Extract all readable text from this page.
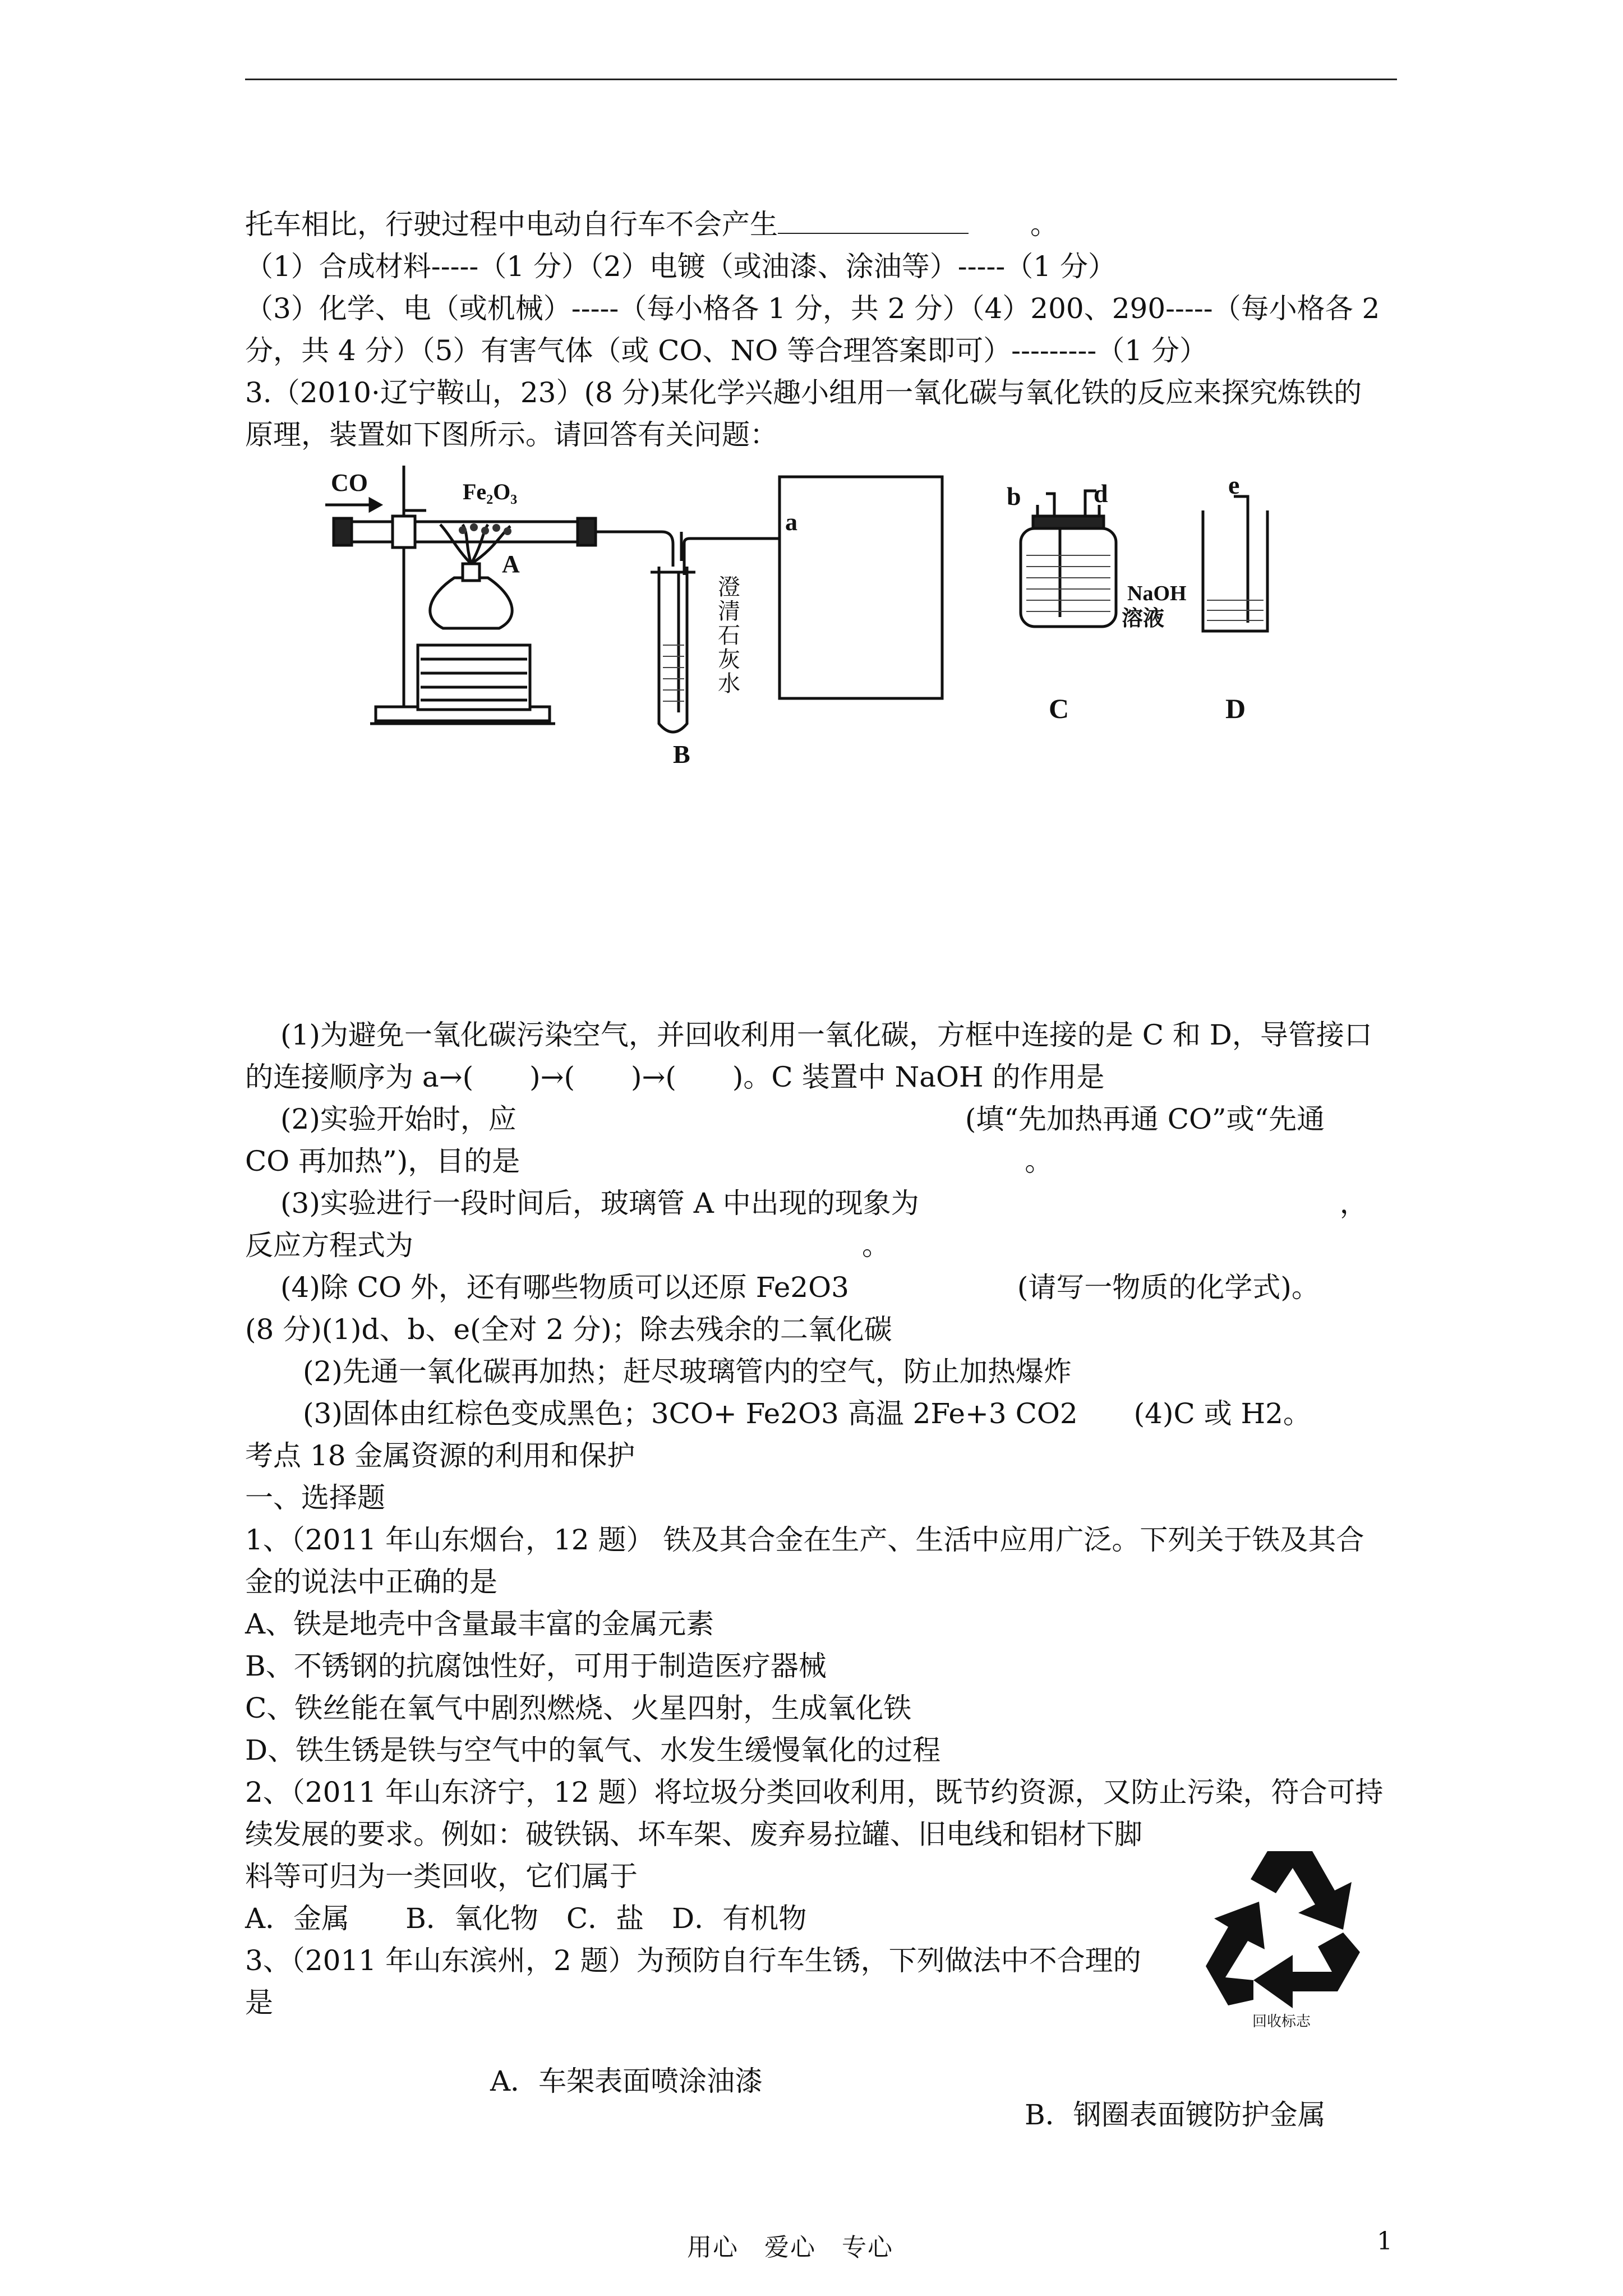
托车相比，行驶过程中电动自行车不会产生	。
（1）合成材料-----（1 分）（2）电镀（或油漆、涂油等）-----（1 分）
（3）化学、电（或机械）-----（每小格各 1 分，共 2 分）（4）200、290-----（每小格各 2
分，共 4 分）（5）有害气体（或 CO、NO 等合理答案即可）---------（1 分）
3.（2010·辽宁鞍山，23）(8 分)某化学兴趣小组用一氧化碳与氧化铁的反应来探究炼铁的
原理，装置如下图所示。请回答有关问题：
CO	Fe₂O₃
A
B
a
b	d
NaOH
溶液
C
e
D
澄
清
石
灰
水
(1)为避免一氧化碳污染空气，并回收利用一氧化碳，方框中连接的是 C 和 D，导管接口
的连接顺序为 a→(　　)→(　　)→(　　)。C 装置中 NaOH 的作用是
(2)实验开始时，应　　　　　　　　　　　　　　　　(填“先加热再通 CO”或“先通
CO 再加热”)，目的是　　　　　　　　　　　　　　　　　　。
(3)实验进行一段时间后，玻璃管 A 中出现的现象为　　　　　　　　　　　　　　　，
反应方程式为　　　　　　　　　　　　　　　　。
(4)除 CO 外，还有哪些物质可以还原 Fe2O3　　　　　　(请写一物质的化学式)。
(8 分)(1)d、b、e(全对 2 分)；除去残余的二氧化碳
(2)先通一氧化碳再加热；赶尽玻璃管内的空气，防止加热爆炸
(3)固体由红棕色变成黑色；3CO+ Fe2O3 高温 2Fe+3 CO2　　(4)C 或 H2。
考点 18 金属资源的利用和保护
一、选择题
1、（2011 年山东烟台，12 题） 铁及其合金在生产、生活中应用广泛。下列关于铁及其合
金的说法中正确的是
A、铁是地壳中含量最丰富的金属元素
B、不锈钢的抗腐蚀性好，可用于制造医疗器械
C、铁丝能在氧气中剧烈燃烧、火星四射，生成氧化铁
D、铁生锈是铁与空气中的氧气、水发生缓慢氧化的过程
2、（2011 年山东济宁，12 题）将垃圾分类回收利用，既节约资源，又防止污染，符合可持
续发展的要求。例如：破铁锅、坏车架、废弃易拉罐、旧电线和铝材下脚
料等可归为一类回收，它们属于
A．金属　　B．氧化物　C．盐　D．有机物
3、（2011 年山东滨州，2 题）为预防自行车生锈，下列做法中不合理的
是

A．车架表面喷涂油漆

B．钢圈表面镀防护金属

回收标志
用心　爱心　专心	1
